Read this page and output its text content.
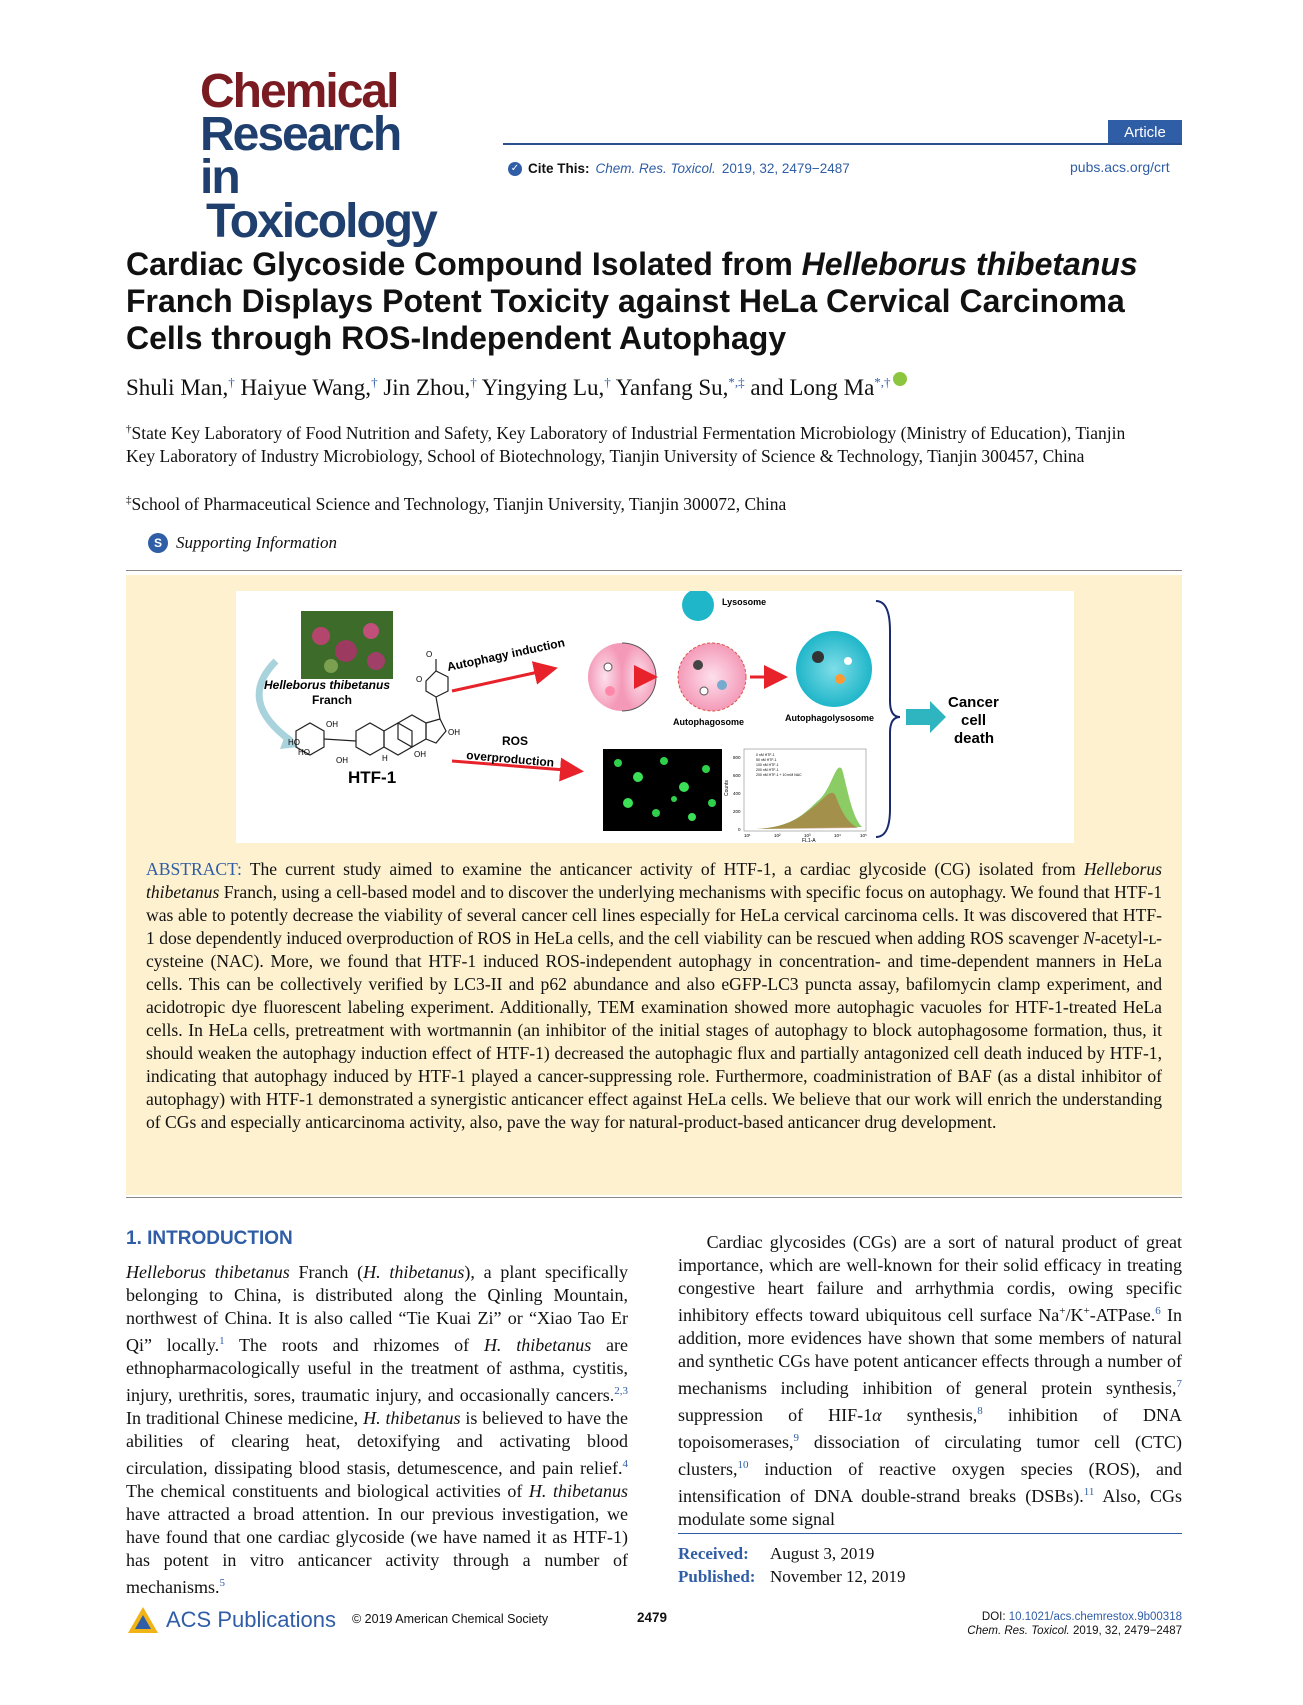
Chemical
Research in
Toxicology
Article
✓ Cite This: Chem. Res. Toxicol. 2019, 32, 2479−2487	pubs.acs.org/crt
Cardiac Glycoside Compound Isolated from Helleborus thibetanus Franch Displays Potent Toxicity against HeLa Cervical Carcinoma Cells through ROS-Independent Autophagy
Shuli Man,† Haiyue Wang,† Jin Zhou,† Yingying Lu,† Yanfang Su,*,‡ and Long Ma*,†
†State Key Laboratory of Food Nutrition and Safety, Key Laboratory of Industrial Fermentation Microbiology (Ministry of Education), Tianjin Key Laboratory of Industry Microbiology, School of Biotechnology, Tianjin University of Science & Technology, Tianjin 300457, China
‡School of Pharmaceutical Science and Technology, Tianjin University, Tianjin 300072, China
S Supporting Information
Helleborus thibetanus
Franch
O
O
OH
OH
H
OH
HO
HO
OH
HTF-1
Autophagy induction
ROS
overproduction
Lysosome
Autophagosome	Autophagolysosome
800
600
400
200
0
10¹	10²	10³	10⁴	10⁵
FL1-A
Counts
0 nM HTF-1
50 nM HTF-1
100 nM HTF-1
200 nM HTF-1
200 nM HTF-1 + 10 mM NAC
Cancer
cell
death
ABSTRACT: The current study aimed to examine the anticancer activity of HTF-1, a cardiac glycoside (CG) isolated from Helleborus thibetanus Franch, using a cell-based model and to discover the underlying mechanisms with specific focus on autophagy. We found that HTF-1 was able to potently decrease the viability of several cancer cell lines especially for HeLa cervical carcinoma cells. It was discovered that HTF-1 dose dependently induced overproduction of ROS in HeLa cells, and the cell viability can be rescued when adding ROS scavenger N-acetyl-ʟ-cysteine (NAC). More, we found that HTF-1 induced ROS-independent autophagy in concentration- and time-dependent manners in HeLa cells. This can be collectively verified by LC3-II and p62 abundance and also eGFP-LC3 puncta assay, bafilomycin clamp experiment, and acidotropic dye fluorescent labeling experiment. Additionally, TEM examination showed more autophagic vacuoles for HTF-1-treated HeLa cells. In HeLa cells, pretreatment with wortmannin (an inhibitor of the initial stages of autophagy to block autophagosome formation, thus, it should weaken the autophagy induction effect of HTF-1) decreased the autophagic flux and partially antagonized cell death induced by HTF-1, indicating that autophagy induced by HTF-1 played a cancer-suppressing role. Furthermore, coadministration of BAF (as a distal inhibitor of autophagy) with HTF-1 demonstrated a synergistic anticancer effect against HeLa cells. We believe that our work will enrich the understanding of CGs and especially anticarcinoma activity, also, pave the way for natural-product-based anticancer drug development.
1. INTRODUCTION
Helleborus thibetanus Franch (H. thibetanus), a plant specifically belonging to China, is distributed along the Qinling Mountain, northwest of China. It is also called “Tie Kuai Zi” or “Xiao Tao Er Qi” locally.$^1$ The roots and rhizomes of H. thibetanus are ethnopharmacologically useful in the treatment of asthma, cystitis, injury, urethritis, sores, traumatic injury, and occasionally cancers.$^{2,3}$ In traditional Chinese medicine, H. thibetanus is believed to have the abilities of clearing heat, detoxifying and activating blood circulation, dissipating blood stasis, detumescence, and pain relief.$^4$ The chemical constituents and biological activities of H. thibetanus have attracted a broad attention. In our previous investigation, we have found that one cardiac glycoside (we have named it as HTF-1) has potent in vitro anticancer activity through a number of mechanisms.$^5$
Cardiac glycosides (CGs) are a sort of natural product of great importance, which are well-known for their solid efficacy in treating congestive heart failure and arrhythmia cordis, owing specific inhibitory effects toward ubiquitous cell surface Na+/K+-ATPase.$^6$ In addition, more evidences have shown that some members of natural and synthetic CGs have potent anticancer effects through a number of mechanisms including inhibition of general protein synthesis,$^7$ suppression of HIF-1α synthesis,$^8$ inhibition of DNA topoisomerases,$^9$ dissociation of circulating tumor cell (CTC) clusters,$^{10}$ induction of reactive oxygen species (ROS), and intensification of DNA double-strand breaks (DSBs).$^{11}$ Also, CGs modulate some signal
Received: August 3, 2019
Published: November 12, 2019
ACS Publications © 2019 American Chemical Society	2479	DOI: 10.1021/acs.chemrestox.9b00318
Chem. Res. Toxicol. 2019, 32, 2479−2487
